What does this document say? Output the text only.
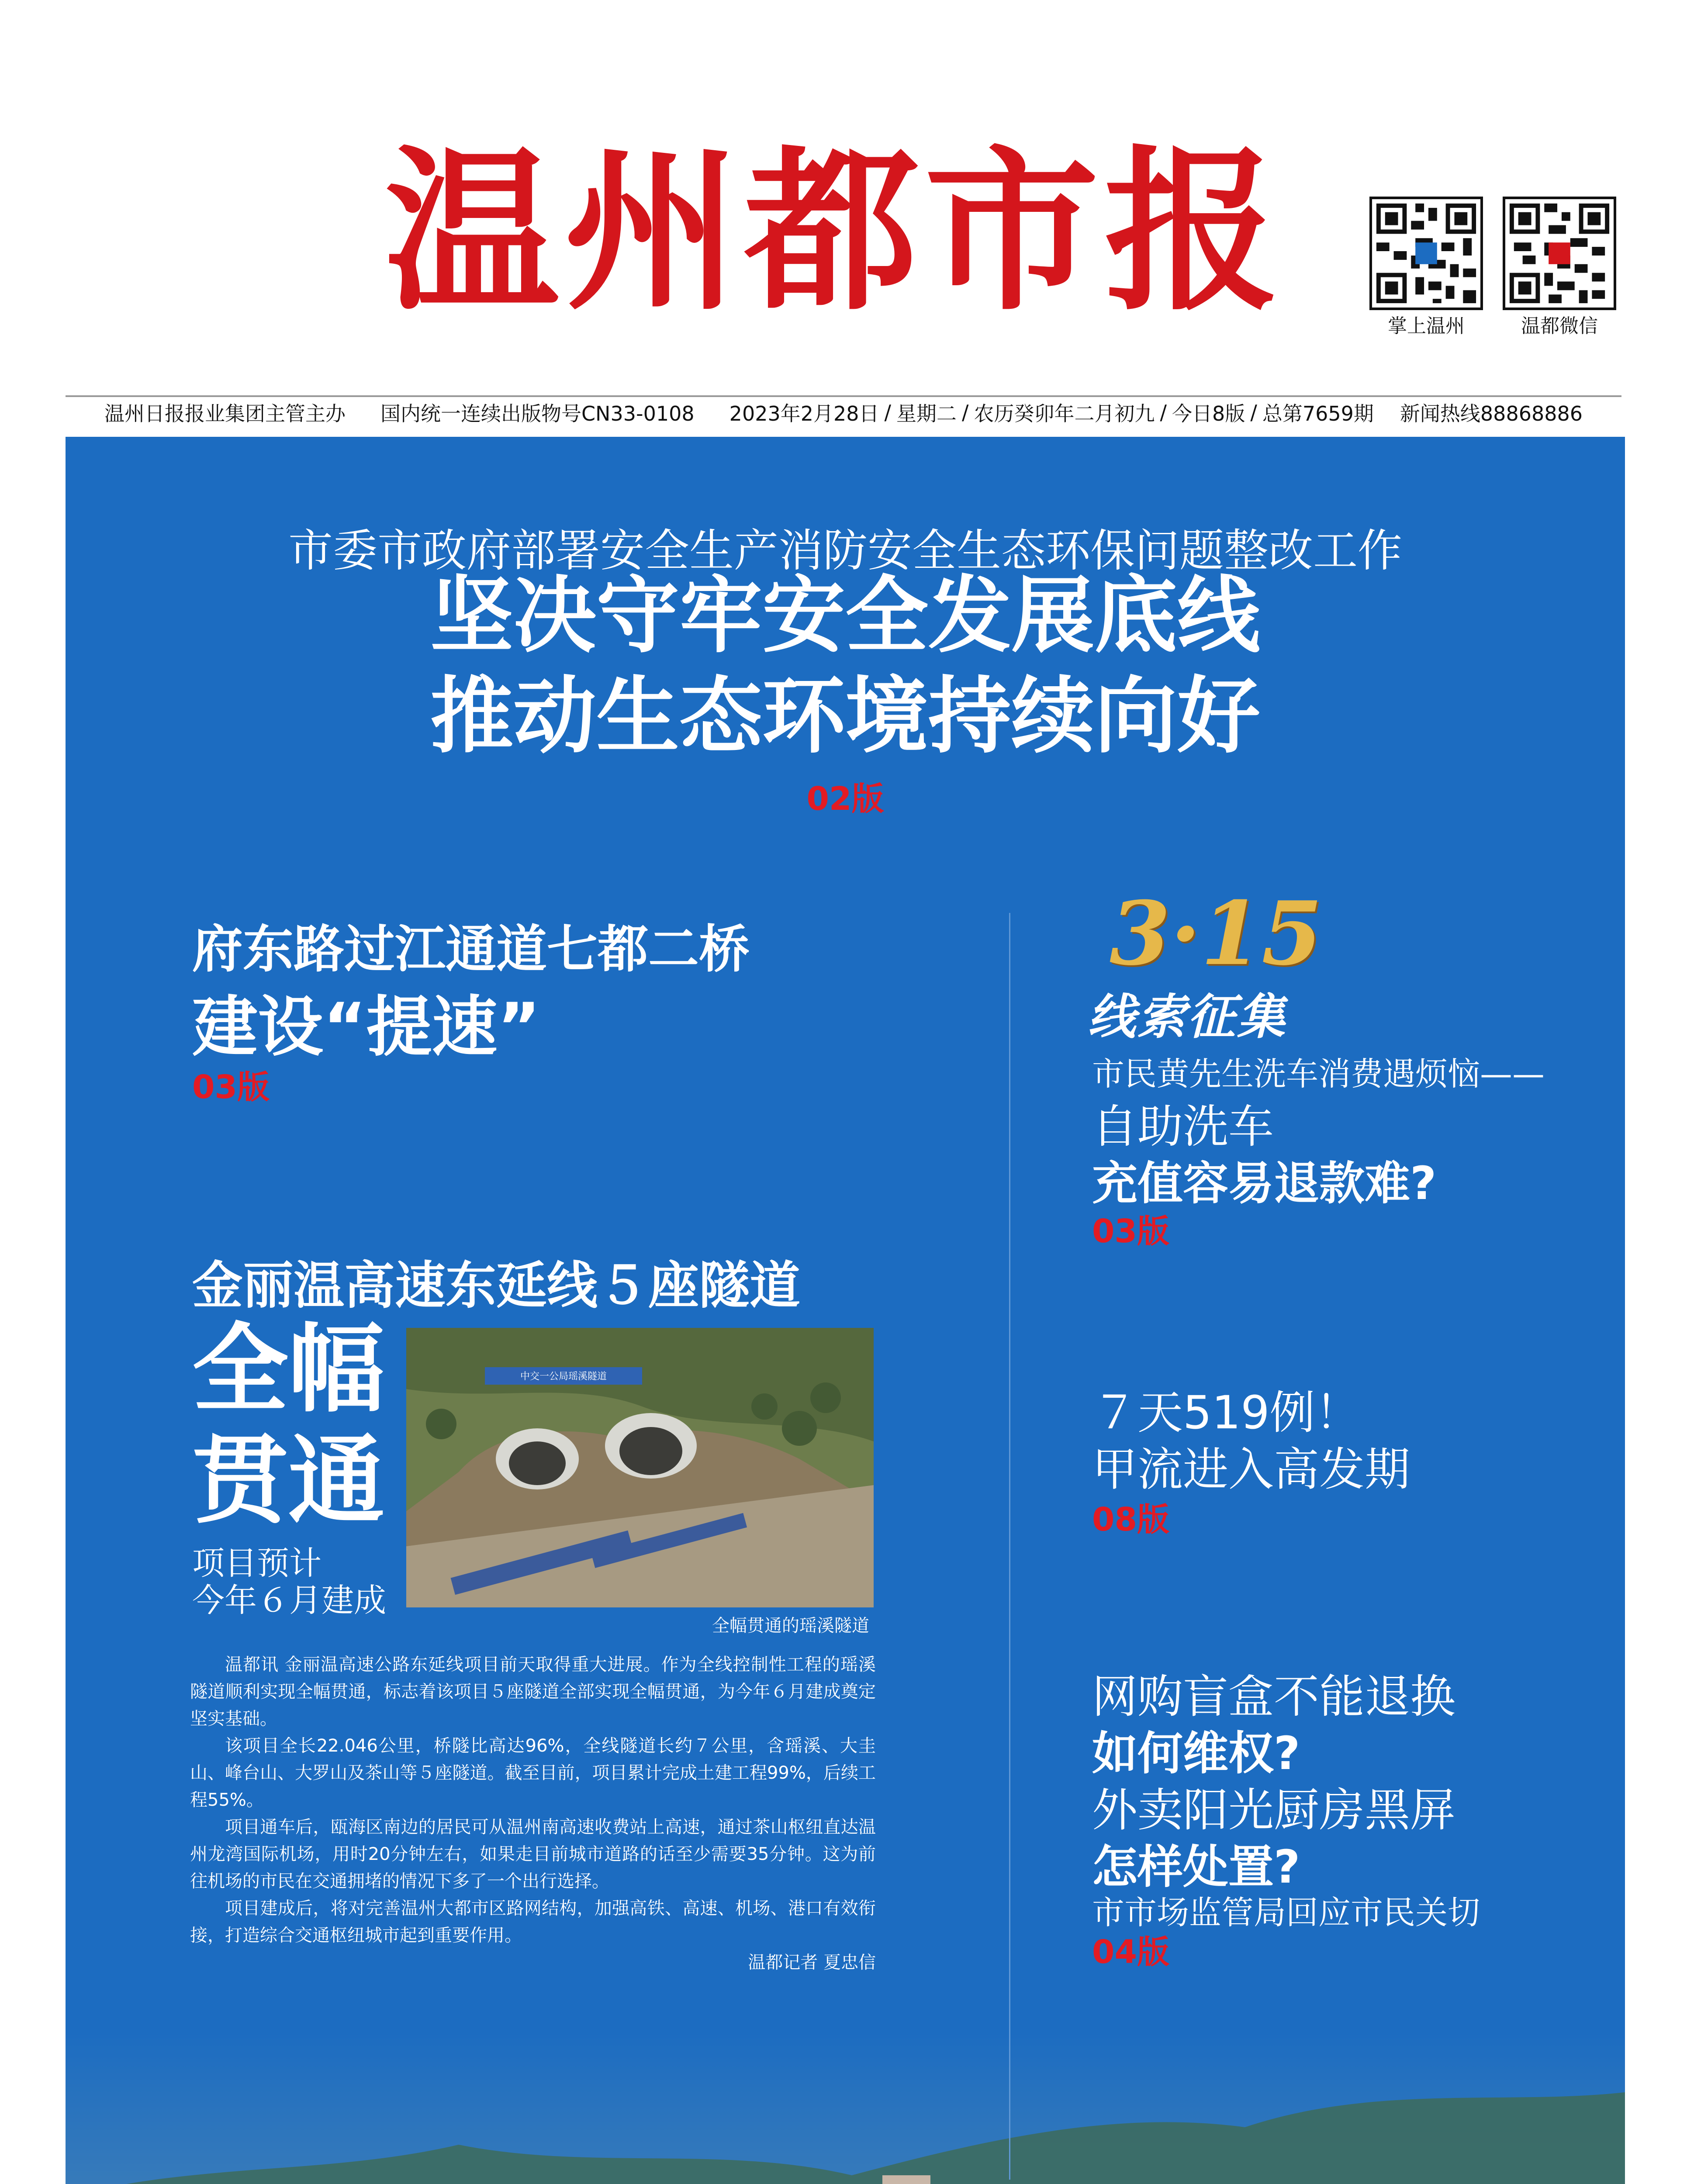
温州都市报	掌上温州	温都微信
温州日报报业集团主管主办 国内统一连续出版物号CN33-0108 2023年2月28日 / 星期二 / 农历癸卯年二月初九 / 今日8版 / 总第7659期 新闻热线88868886
市委市政府部署安全生产消防安全生态环保问题整改工作
坚决守牢安全发展底线
推动生态环境持续向好
02版
府东路过江通道七都二桥
建设“提速”
03版
金丽温高速东延线５座隧道
全幅
贯通
项目预计
今年６月建成
中交一公局瑶溪隧道
全幅贯通的瑶溪隧道
温都讯 金丽温高速公路东延线项目前天取得重大进展。作为全线控制性工程的瑶溪隧道顺利实现全幅贯通，标志着该项目５座隧道全部实现全幅贯通，为今年６月建成奠定坚实基础。
该项目全长22.046公里，桥隧比高达96%，全线隧道长约７公里，含瑶溪、大圭山、峰台山、大罗山及茶山等５座隧道。截至目前，项目累计完成土建工程99%，后续工程55%。
项目通车后，瓯海区南边的居民可从温州南高速收费站上高速，通过茶山枢纽直达温州龙湾国际机场，用时20分钟左右，如果走目前城市道路的话至少需要35分钟。这为前往机场的市民在交通拥堵的情况下多了一个出行选择。
项目建成后，将对完善温州大都市区路网结构，加强高铁、高速、机场、港口有效衔接，打造综合交通枢纽城市起到重要作用。
温都记者 夏忠信
3·15
线索征集
市民黄先生洗车消费遇烦恼——
自助洗车
充值容易退款难?
03版
７天519例！
甲流进入高发期
08版
网购盲盒不能退换
如何维权?
外卖阳光厨房黑屏
怎样处置?
市市场监管局回应市民关切
04版
